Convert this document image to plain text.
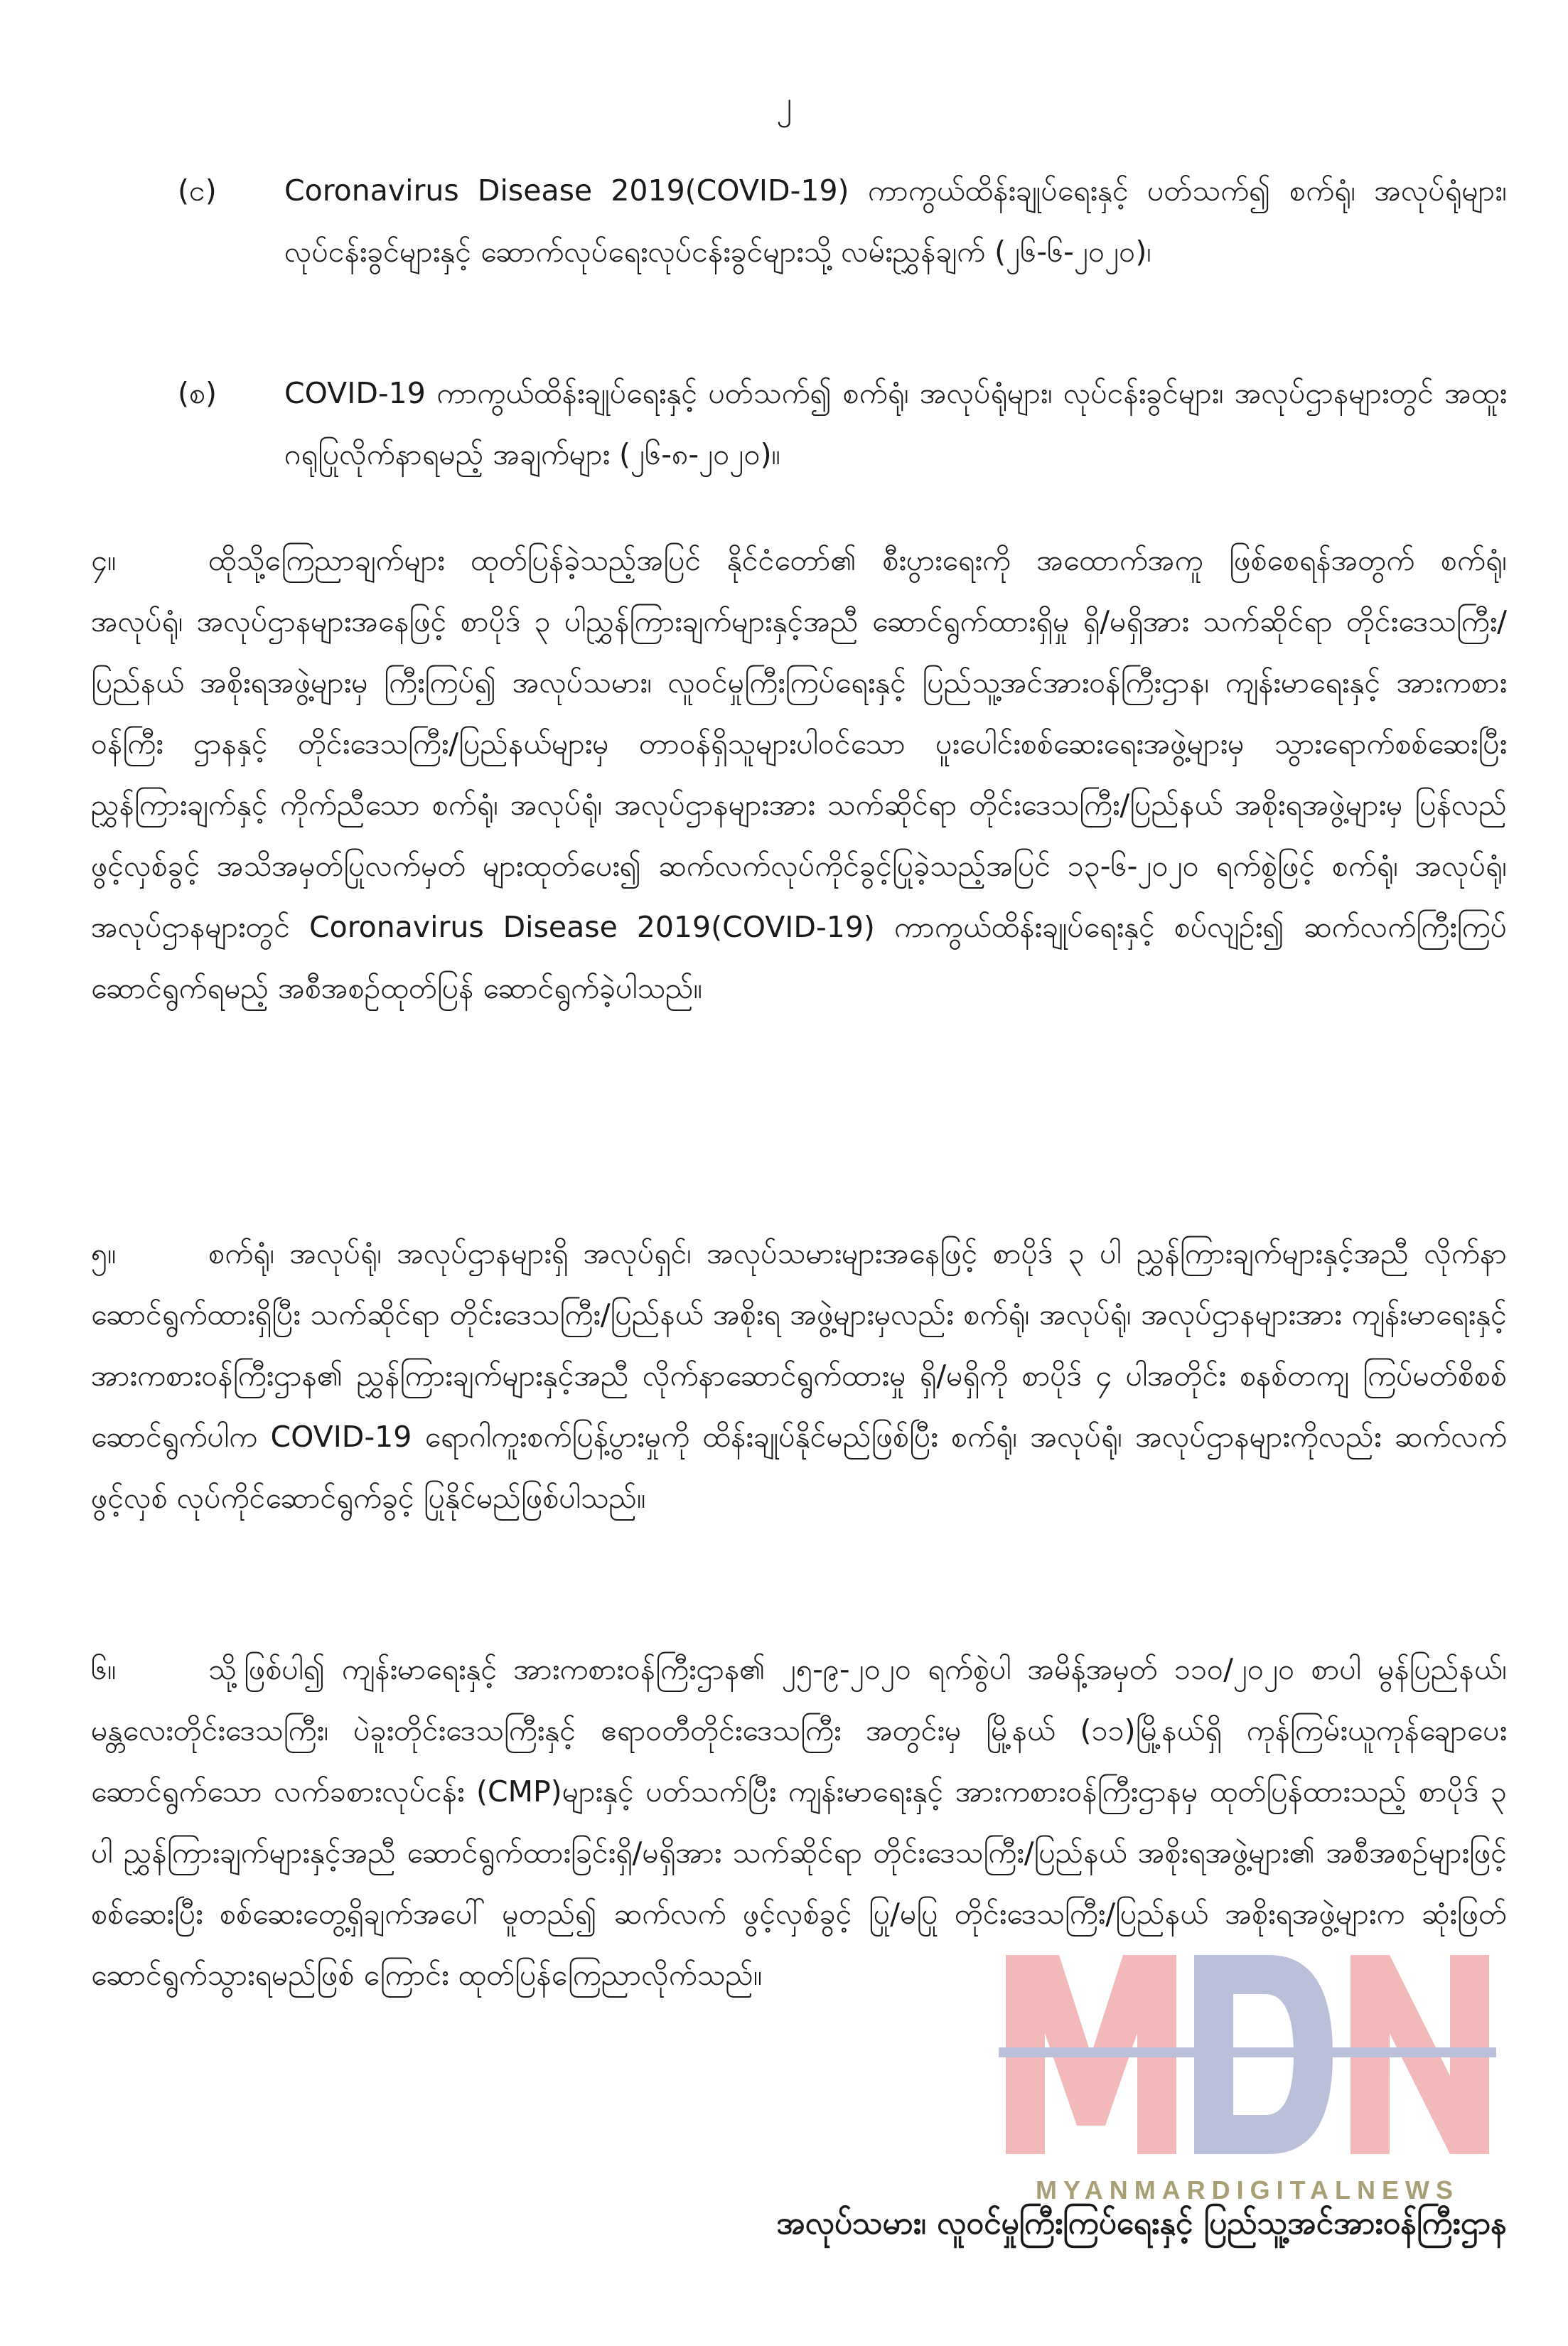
၂
(င) Coronavirus Disease 2019(COVID-19) ကာကွယ်ထိန်းချုပ်ရေးနှင့် ပတ်သက်၍ စက်ရုံ၊ အလုပ်ရုံများ၊ လုပ်ငန်းခွင်များနှင့် ဆောက်လုပ်ရေးလုပ်ငန်းခွင်များသို့ လမ်းညွှန်ချက် (၂၆-၆-၂၀၂၀)၊
(စ) COVID-19 ကာကွယ်ထိန်းချုပ်ရေးနှင့် ပတ်သက်၍ စက်ရုံ၊ အလုပ်ရုံများ၊ လုပ်ငန်းခွင်များ၊ အလုပ်ဌာနများတွင် အထူးဂရုပြုလိုက်နာရမည့် အချက်များ (၂၆-၈-၂၀၂၀)။
၄။	ထိုသို့ကြေညာချက်များ ထုတ်ပြန်ခဲ့သည့်အပြင် နိုင်ငံတော်၏ စီးပွားရေးကို အထောက်အကူ ဖြစ်စေရန်အတွက် စက်ရုံ၊ အလုပ်ရုံ၊ အလုပ်ဌာနများအနေဖြင့် စာပိုဒ် ၃ ပါညွှန်ကြားချက်များနှင့်အညီ ဆောင်ရွက်ထားရှိမှု ရှိ/မရှိအား သက်ဆိုင်ရာ တိုင်းဒေသကြီး/ပြည်နယ် အစိုးရအဖွဲ့များမှ ကြီးကြပ်၍ အလုပ်သမား၊ လူဝင်မှုကြီးကြပ်ရေးနှင့် ပြည်သူ့အင်အားဝန်ကြီးဌာန၊ ကျန်းမာရေးနှင့် အားကစားဝန်ကြီး ဌာနနှင့် တိုင်းဒေသကြီး/ပြည်နယ်များမှ တာဝန်ရှိသူများပါဝင်သော ပူးပေါင်းစစ်ဆေးရေးအဖွဲ့များမှ သွားရောက်စစ်ဆေးပြီး ညွှန်ကြားချက်နှင့် ကိုက်ညီသော စက်ရုံ၊ အလုပ်ရုံ၊ အလုပ်ဌာနများအား သက်ဆိုင်ရာ တိုင်းဒေသကြီး/ပြည်နယ် အစိုးရအဖွဲ့များမှ ပြန်လည်ဖွင့်လှစ်ခွင့် အသိအမှတ်ပြုလက်မှတ် များထုတ်ပေး၍ ဆက်လက်လုပ်ကိုင်ခွင့်ပြုခဲ့သည့်အပြင် ၁၃-၆-၂၀၂၀ ရက်စွဲဖြင့် စက်ရုံ၊ အလုပ်ရုံ၊ အလုပ်ဌာနများတွင် Coronavirus Disease 2019(COVID-19) ကာကွယ်ထိန်းချုပ်ရေးနှင့် စပ်လျဉ်း၍ ဆက်လက်ကြီးကြပ် ဆောင်ရွက်ရမည့် အစီအစဉ်ထုတ်ပြန် ဆောင်ရွက်ခဲ့ပါသည်။
၅။	စက်ရုံ၊ အလုပ်ရုံ၊ အလုပ်ဌာနများရှိ အလုပ်ရှင်၊ အလုပ်သမားများအနေဖြင့် စာပိုဒ် ၃ ပါ ညွှန်ကြားချက်များနှင့်အညီ လိုက်နာဆောင်ရွက်ထားရှိပြီး သက်ဆိုင်ရာ တိုင်းဒေသကြီး/ပြည်နယ် အစိုးရ အဖွဲ့များမှလည်း စက်ရုံ၊ အလုပ်ရုံ၊ အလုပ်ဌာနများအား ကျန်းမာရေးနှင့် အားကစားဝန်ကြီးဌာန၏ ညွှန်ကြားချက်များနှင့်အညီ လိုက်နာဆောင်ရွက်ထားမှု ရှိ/မရှိကို စာပိုဒ် ၄ ပါအတိုင်း စနစ်တကျ ကြပ်မတ်စိစစ်ဆောင်ရွက်ပါက COVID-19 ရောဂါကူးစက်ပြန့်ပွားမှုကို ထိန်းချုပ်နိုင်မည်ဖြစ်ပြီး စက်ရုံ၊ အလုပ်ရုံ၊ အလုပ်ဌာနများကိုလည်း ဆက်လက်ဖွင့်လှစ် လုပ်ကိုင်ဆောင်ရွက်ခွင့် ပြုနိုင်မည်ဖြစ်ပါသည်။
၆။	သို့ဖြစ်ပါ၍ ကျန်းမာရေးနှင့် အားကစားဝန်ကြီးဌာန၏ ၂၅-၉-၂၀၂၀ ရက်စွဲပါ အမိန့်အမှတ် ၁၁၀/၂၀၂၀ စာပါ မွန်ပြည်နယ်၊ မန္တလေးတိုင်းဒေသကြီး၊ ပဲခူးတိုင်းဒေသကြီးနှင့် ဧရာဝတီတိုင်းဒေသကြီး အတွင်းမှ မြို့နယ် (၁၁)မြို့နယ်ရှိ ကုန်ကြမ်းယူကုန်ချောပေး ဆောင်ရွက်သော လက်ခစားလုပ်ငန်း (CMP)များနှင့် ပတ်သက်ပြီး ကျန်းမာရေးနှင့် အားကစားဝန်ကြီးဌာနမှ ထုတ်ပြန်ထားသည့် စာပိုဒ် ၃ ပါ ညွှန်ကြားချက်များနှင့်အညီ ဆောင်ရွက်ထားခြင်းရှိ/မရှိအား သက်ဆိုင်ရာ တိုင်းဒေသကြီး/ပြည်နယ် အစိုးရအဖွဲ့များ၏ အစီအစဉ်များဖြင့် စစ်ဆေးပြီး စစ်ဆေးတွေ့ရှိချက်အပေါ် မူတည်၍ ဆက်လက် ဖွင့်လှစ်ခွင့် ပြု/မပြု တိုင်းဒေသကြီး/ပြည်နယ် အစိုးရအဖွဲ့များက ဆုံးဖြတ်ဆောင်ရွက်သွားရမည်ဖြစ် ကြောင်း ထုတ်ပြန်ကြေညာလိုက်သည်။
MYANMARDIGITALNEWS
အလုပ်သမား၊ လူဝင်မှုကြီးကြပ်ရေးနှင့် ပြည်သူ့အင်အားဝန်ကြီးဌာန
